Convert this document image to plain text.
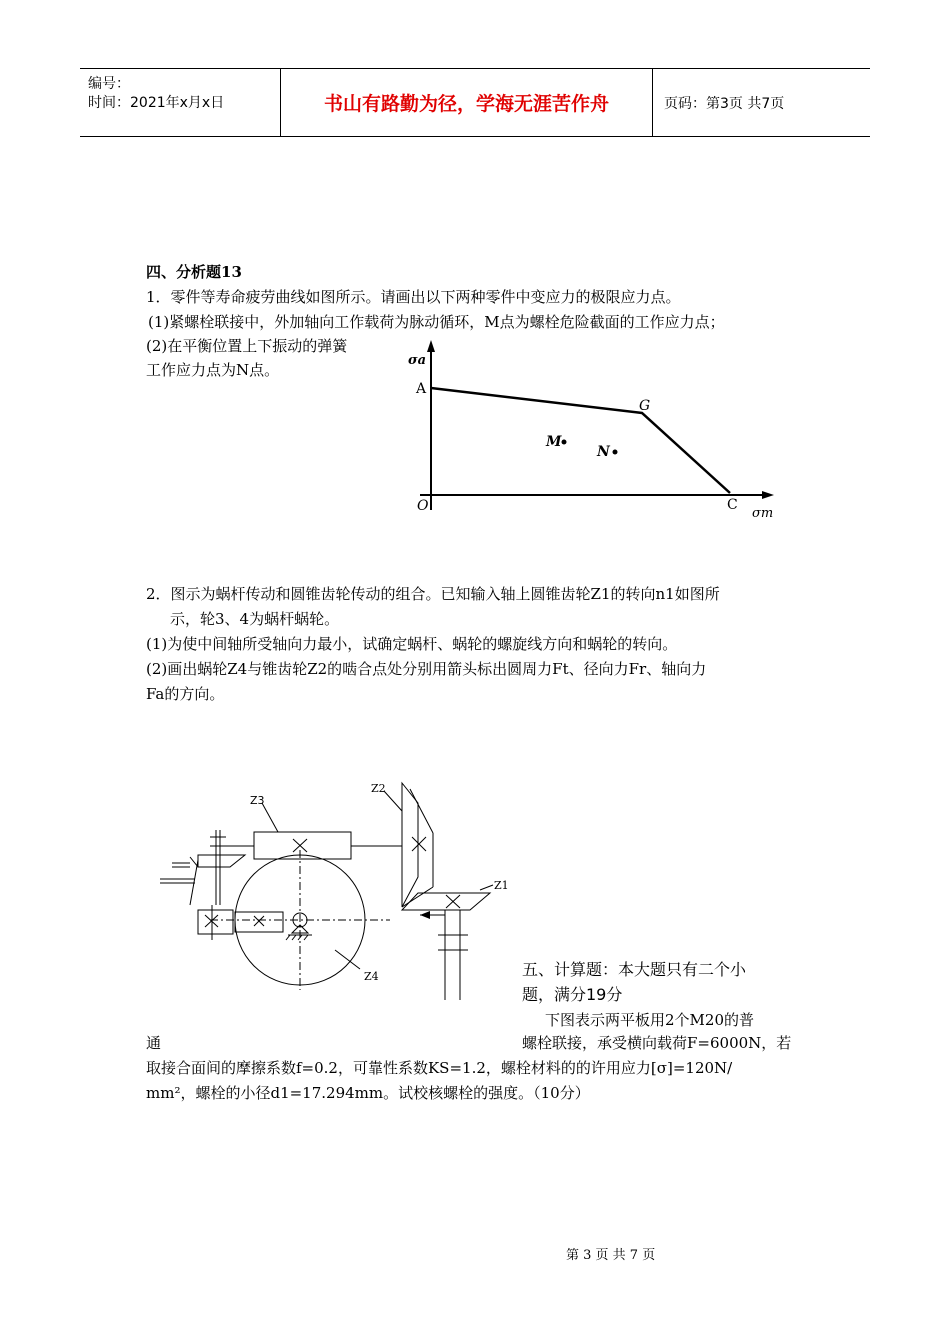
编号：
时间：2021年x月x日	书山有路勤为径，学海无涯苦作舟	页码：第3页 共7页
四、分析题13
1．零件等寿命疲劳曲线如图所示。请画出以下两种零件中变应力的极限应力点。
(1)紧螺栓联接中，外加轴向工作载荷为脉动循环，M点为螺栓危险截面的工作应力点；
(2)在平衡位置上下振动的弹簧
工作应力点为N点。
σa
A
G
M
N
O	C
σm
2．图示为蜗杆传动和圆锥齿轮传动的组合。已知输入轴上圆锥齿轮Z1的转向n1如图所
示，轮3、4为蜗杆蜗轮。
(1)为使中间轴所受轴向力最小，试确定蜗杆、蜗轮的螺旋线方向和蜗轮的转向。
(2)画出蜗轮Z4与锥齿轮Z2的啮合点处分别用箭头标出圆周力Ft、径向力Fr、轴向力
Fa的方向。
Z3
Z2
Z1
Z4	五、计算题：本大题只有二个小
题，满分19分
下图表示两平板用2个M20的普
通	螺栓联接，承受横向载荷F=6000N，若
取接合面间的摩擦系数f=0.2，可靠性系数KS=1.2，螺栓材料的的许用应力[σ]=120N/
mm²，螺栓的小径d1=17.294mm。试校核螺栓的强度。（10分）
第 3 页 共 7 页
